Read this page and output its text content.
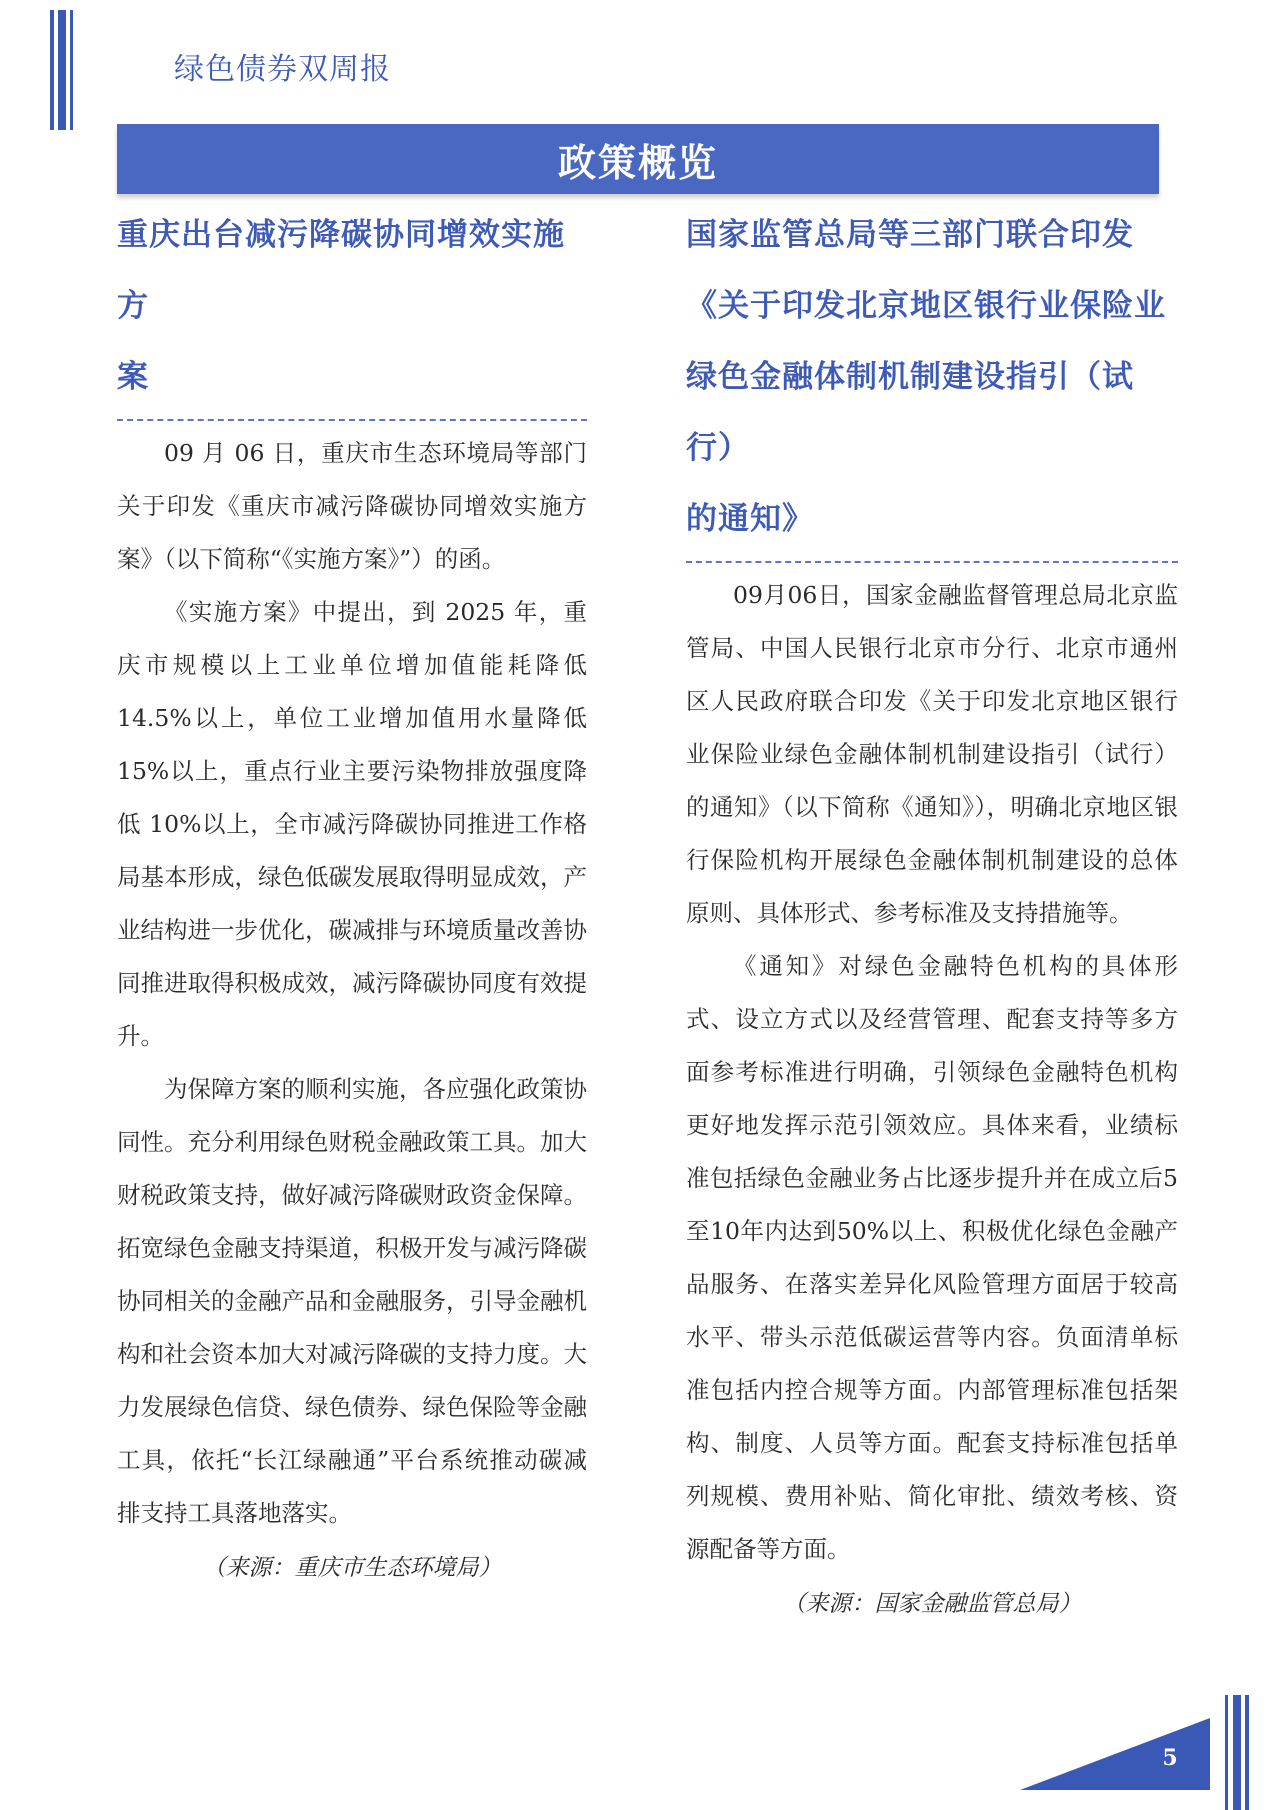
绿色债券双周报
政策概览
重庆出台减污降碳协同增效实施方
案

09 月 06 日，重庆市生态环境局等部门关于印发《重庆市减污降碳协同增效实施方案》（以下简称“《实施方案》”）的函。

《实施方案》中提出，到 2025 年，重庆市规模以上工业单位增加值能耗降低 14.5%以上，单位工业增加值用水量降低 15%以上，重点行业主要污染物排放强度降低 10%以上，全市减污降碳协同推进工作格局基本形成，绿色低碳发展取得明显成效，产业结构进一步优化，碳减排与环境质量改善协同推进取得积极成效，减污降碳协同度有效提升。

为保障方案的顺利实施，各应强化政策协同性。充分利用绿色财税金融政策工具。加大财税政策支持，做好减污降碳财政资金保障。拓宽绿色金融支持渠道，积极开发与减污降碳协同相关的金融产品和金融服务，引导金融机构和社会资本加大对减污降碳的支持力度。大力发展绿色信贷、绿色债券、绿色保险等金融工具，依托“长江绿融通”平台系统推动碳减排支持工具落地落实。

（来源：重庆市生态环境局）
国家监管总局等三部门联合印发
《关于印发北京地区银行业保险业
绿色金融体制机制建设指引（试行）
的通知》

09月06日，国家金融监督管理总局北京监管局、中国人民银行北京市分行、北京市通州区人民政府联合印发《关于印发北京地区银行业保险业绿色金融体制机制建设指引（试行）的通知》（以下简称《通知》），明确北京地区银行保险机构开展绿色金融体制机制建设的总体原则、具体形式、参考标准及支持措施等。

《通知》对绿色金融特色机构的具体形式、设立方式以及经营管理、配套支持等多方面参考标准进行明确，引领绿色金融特色机构更好地发挥示范引领效应。具体来看，业绩标准包括绿色金融业务占比逐步提升并在成立后5至10年内达到50%以上、积极优化绿色金融产品服务、在落实差异化风险管理方面居于较高水平、带头示范低碳运营等内容。负面清单标准包括内控合规等方面。内部管理标准包括架构、制度、人员等方面。配套支持标准包括单列规模、费用补贴、简化审批、绩效考核、资源配备等方面。

（来源：国家金融监管总局）
5
